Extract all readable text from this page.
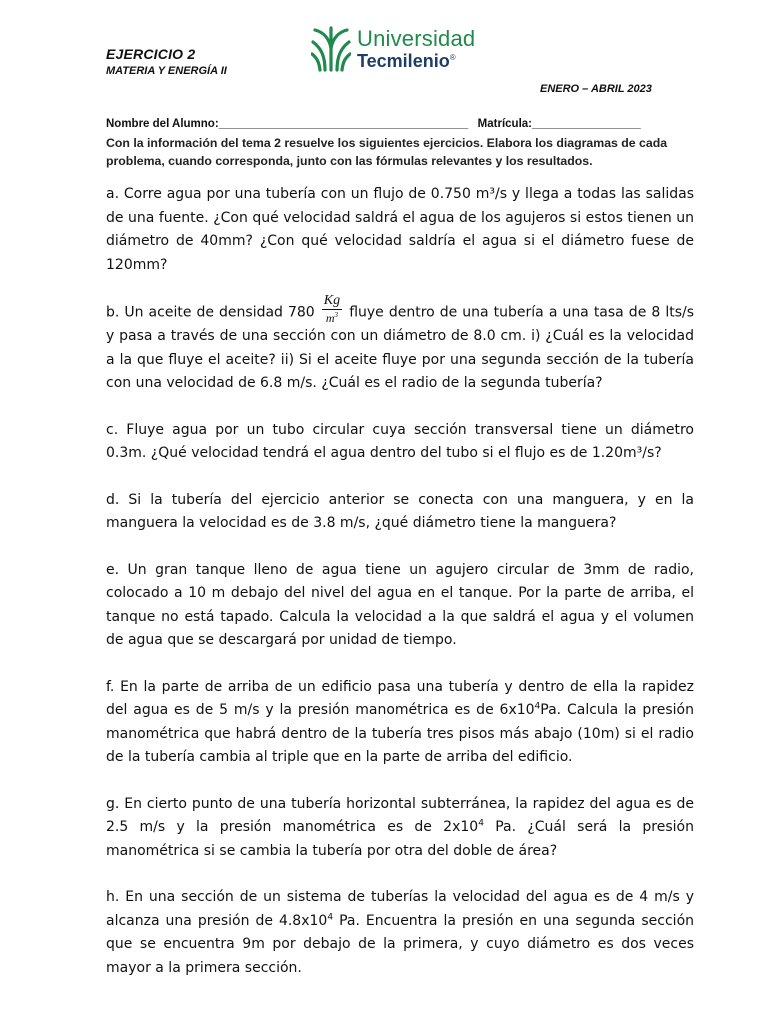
EJERCICIO 2
MATERIA Y ENERGÍA II
Universidad
Tecmilenio®
ENERO – ABRIL 2023
Nombre del Alumno:_______________________________________   Matrícula:_________________
Con la información del tema 2 resuelve los siguientes ejercicios. Elabora los diagramas de cada problema, cuando corresponda, junto con las fórmulas relevantes y los resultados.
a. Corre agua por una tubería con un flujo de 0.750 m³/s y llega a todas las salidas de una fuente. ¿Con qué velocidad saldrá el agua de los agujeros si estos tienen un diámetro de 40mm? ¿Con qué velocidad saldría el agua si el diámetro fuese de 120mm?
b. Un aceite de densidad $780 \frac{Kg}{m^3}$ fluye dentro de una tubería a una tasa de 8 lts/s y pasa a través de una sección con un diámetro de 8.0 cm. i) ¿Cuál es la velocidad a la que fluye el aceite? ii) Si el aceite fluye por una segunda sección de la tubería con una velocidad de 6.8 m/s. ¿Cuál es el radio de la segunda tubería?
c. Fluye agua por un tubo circular cuya sección transversal tiene un diámetro 0.3m. ¿Qué velocidad tendrá el agua dentro del tubo si el flujo es de 1.20m³/s?
d. Si la tubería del ejercicio anterior se conecta con una manguera, y en la manguera la velocidad es de 3.8 m/s, ¿qué diámetro tiene la manguera?
e. Un gran tanque lleno de agua tiene un agujero circular de 3mm de radio, colocado a 10 m debajo del nivel del agua en el tanque. Por la parte de arriba, el tanque no está tapado. Calcula la velocidad a la que saldrá el agua y el volumen de agua que se descargará por unidad de tiempo.
f. En la parte de arriba de un edificio pasa una tubería y dentro de ella la rapidez del agua es de 5 m/s y la presión manométrica es de $6x10^4Pa$. Calcula la presión manométrica que habrá dentro de la tubería tres pisos más abajo (10m) si el radio de la tubería cambia al triple que en la parte de arriba del edificio.
g. En cierto punto de una tubería horizontal subterránea, la rapidez del agua es de 2.5 m/s y la presión manométrica es de $2x10^4$ Pa. ¿Cuál será la presión manométrica si se cambia la tubería por otra del doble de área?
h. En una sección de un sistema de tuberías la velocidad del agua es de 4 m/s y alcanza una presión de $4.8x10^4$ Pa. Encuentra la presión en una segunda sección que se encuentra 9m por debajo de la primera, y cuyo diámetro es dos veces mayor a la primera sección.
